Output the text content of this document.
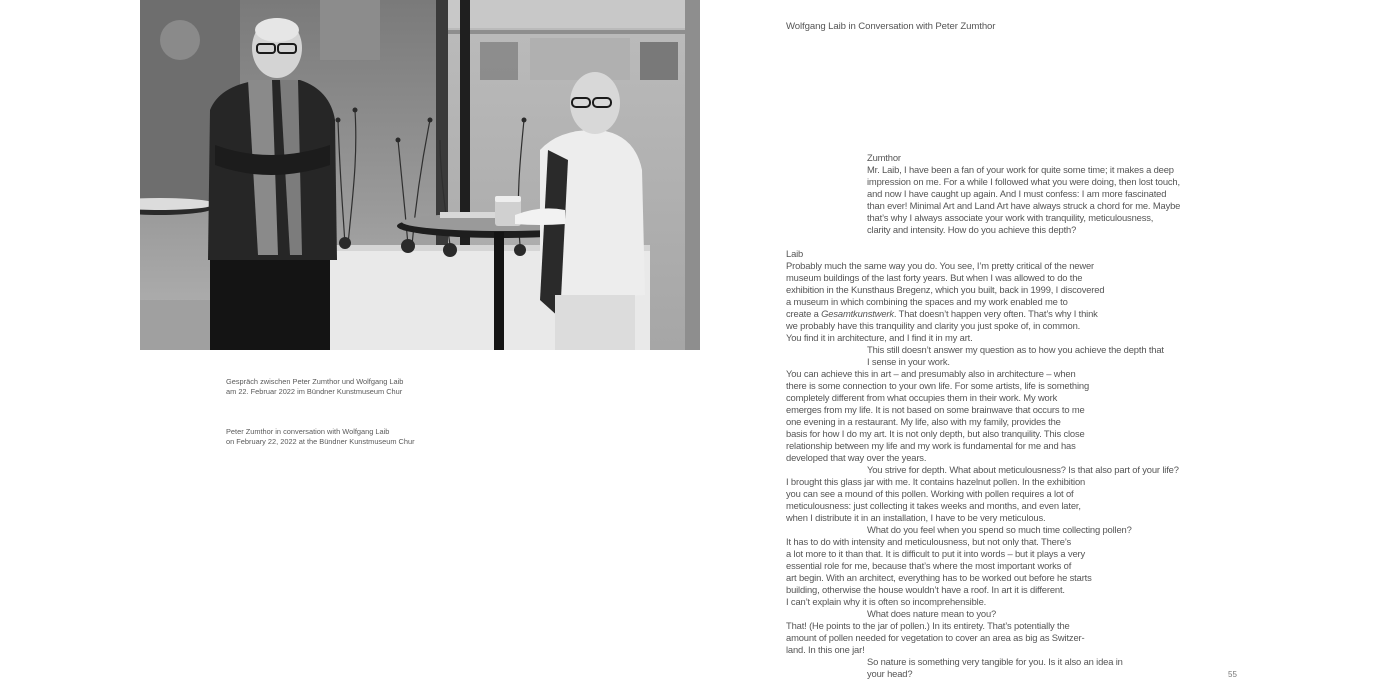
Gespräch zwischen Peter Zumthor und Wolfgang Laib
am 22. Februar 2022 im Bündner Kunstmuseum Chur

Peter Zumthor in conversation with Wolfgang Laib
on February 22, 2022 at the Bündner Kunstmuseum Chur

Wolfgang Laib in Conversation with Peter Zumthor
Zumthor
Mr. Laib, I have been a fan of your work for quite some time; it makes a deep
impression on me. For a while I followed what you were doing, then lost touch,
and now I have caught up again. And I must confess: I am more fascinated
than ever! Minimal Art and Land Art have always struck a chord for me. Maybe
that’s why I always associate your work with tranquility, meticulousness,
clarity and intensity. How do you achieve this depth?
Laib
Probably much the same way you do. You see, I’m pretty critical of the newer
museum buildings of the last forty years. But when I was allowed to do the
exhibition in the Kunsthaus Bregenz, which you built, back in 1999, I discovered
a museum in which combining the spaces and my work enabled me to
create a Gesamtkunstwerk. That doesn’t happen very often. That’s why I think
we probably have this tranquility and clarity you just spoke of, in common.
You find it in architecture, and I find it in my art.
This still doesn’t answer my question as to how you achieve the depth that
I sense in your work.
You can achieve this in art – and presumably also in architecture – when
there is some connection to your own life. For some artists, life is something
completely different from what occupies them in their work. My work
emerges from my life. It is not based on some brainwave that occurs to me
one evening in a restaurant. My life, also with my family, provides the
basis for how I do my art. It is not only depth, but also tranquility. This close
relationship between my life and my work is fundamental for me and has
developed that way over the years.
You strive for depth. What about meticulousness? Is that also part of your life?
I brought this glass jar with me. It contains hazelnut pollen. In the exhibition
you can see a mound of this pollen. Working with pollen requires a lot of
meticulousness: just collecting it takes weeks and months, and even later,
when I distribute it in an installation, I have to be very meticulous.
What do you feel when you spend so much time collecting pollen?
It has to do with intensity and meticulousness, but not only that. There’s
a lot more to it than that. It is difficult to put it into words – but it plays a very
essential role for me, because that’s where the most important works of
art begin. With an architect, everything has to be worked out before he starts
building, otherwise the house wouldn’t have a roof. In art it is different.
I can’t explain why it is often so incomprehensible.
What does nature mean to you?
That! (He points to the jar of pollen.) In its entirety. That’s potentially the
amount of pollen needed for vegetation to cover an area as big as Switzer-
land. In this one jar!
So nature is something very tangible for you. Is it also an idea in
your head?	55
